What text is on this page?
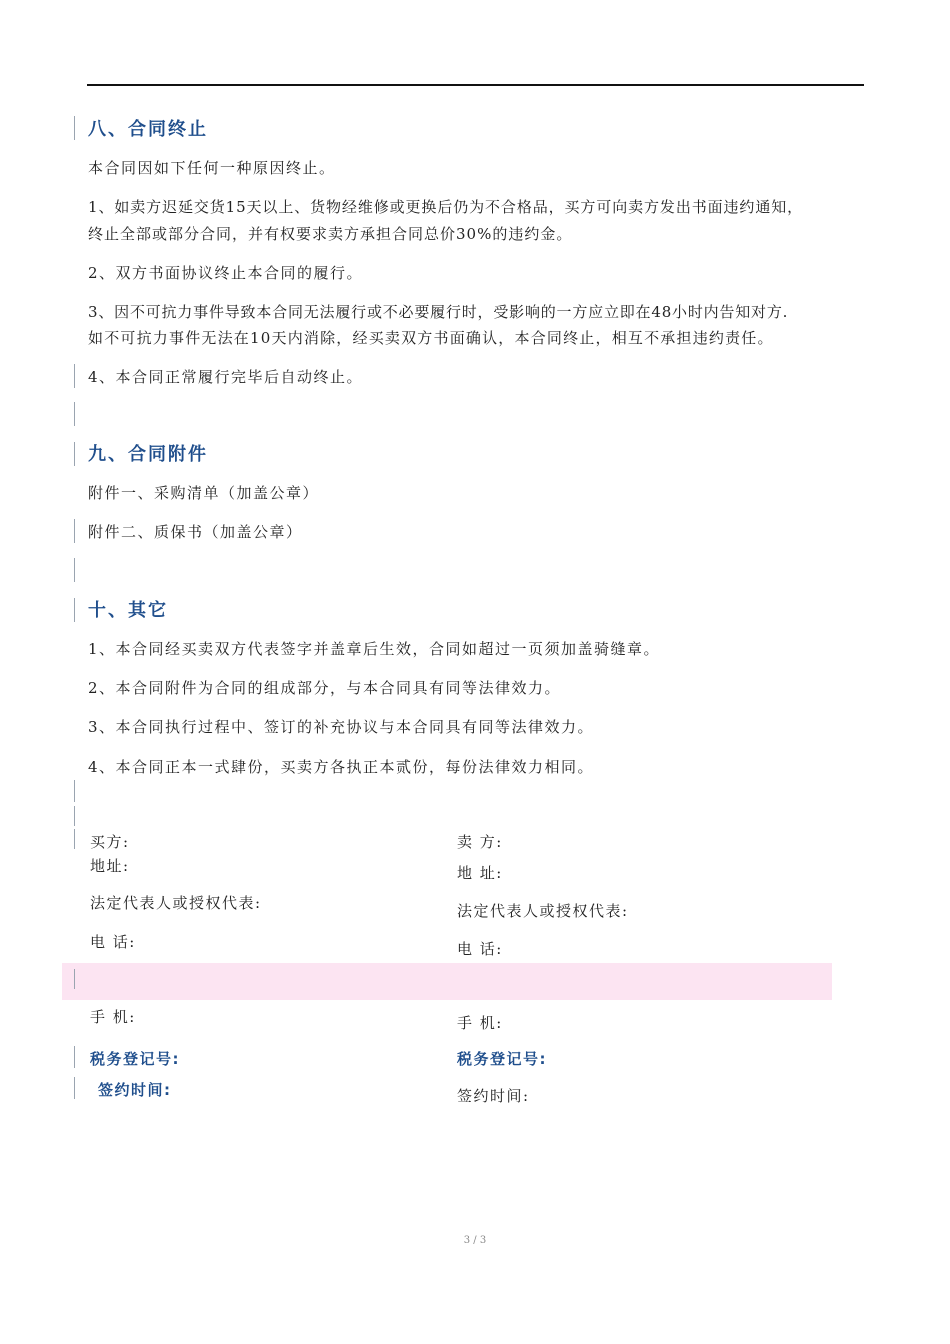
八、合同终止
本合同因如下任何一种原因终止。
1、如卖方迟延交货15天以上、货物经维修或更换后仍为不合格品，买方可向卖方发出书面违约通知，
终止全部或部分合同，并有权要求卖方承担合同总价30%的违约金。
2、双方书面协议终止本合同的履行。
3、因不可抗力事件导致本合同无法履行或不必要履行时，受影响的一方应立即在48小时内告知对方.
如不可抗力事件无法在10天内消除，经买卖双方书面确认，本合同终止，相互不承担违约责任。
4、本合同正常履行完毕后自动终止。
九、合同附件
附件一、采购清单（加盖公章）
附件二、质保书（加盖公章）
十、其它
1、本合同经买卖双方代表签字并盖章后生效，合同如超过一页须加盖骑缝章。
2、本合同附件为合同的组成部分，与本合同具有同等法律效力。
3、本合同执行过程中、签订的补充协议与本合同具有同等法律效力。
4、本合同正本一式肆份，买卖方各执正本贰份，每份法律效力相同。
买方:
地址:
法定代表人或授权代表:
电 话:
手 机:
税务登记号:
签约时间:
卖 方:
地 址:
法定代表人或授权代表:
电 话:
手 机:
税务登记号:
签约时间:
3 / 3
